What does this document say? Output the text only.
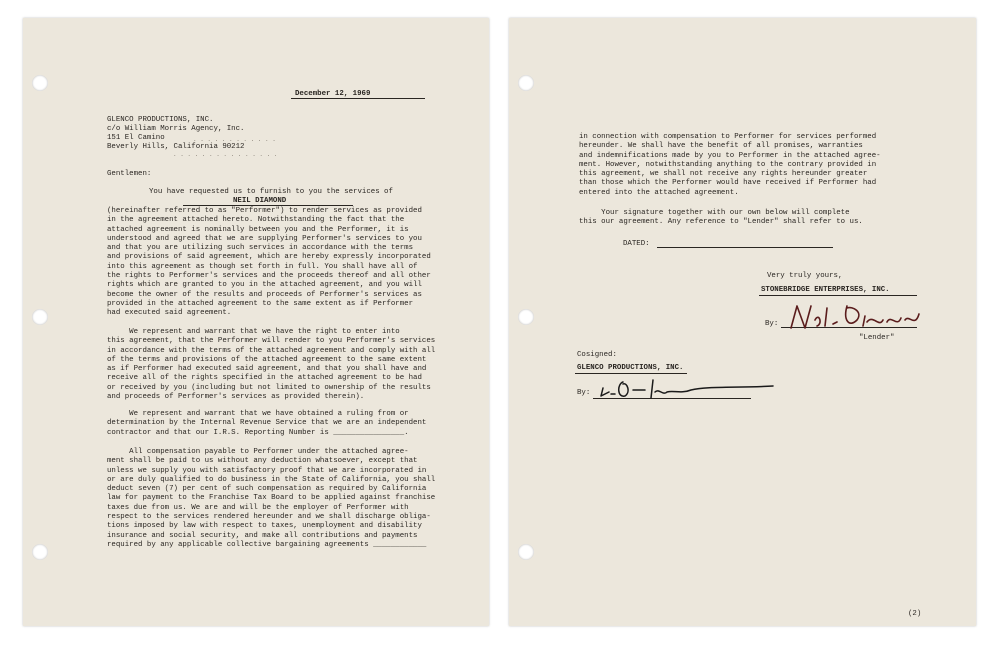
December 12, 1969
GLENCO PRODUCTIONS, INC.
c/o William Morris Agency, Inc.
151 El Camino
Beverly Hills, California 90212
. . . . . . . . . . . .
. . . . . . . . . . . . . . .
Gentlemen:
You have requested us to furnish to you the services of
NEIL DIAMOND
(hereinafter referred to as "Performer") to render services as provided
in the agreement attached hereto. Notwithstanding the fact that the
attached agreement is nominally between you and the Performer, it is
understood and agreed that we are supplying Performer's services to you
and that you are utilizing such services in accordance with the terms
and provisions of said agreement, which are hereby expressly incorporated
into this agreement as though set forth in full. You shall have all of
the rights to Performer's services and the proceeds thereof and all other
rights which are granted to you in the attached agreement, and you will
become the owner of the results and proceeds of Performer's services as
provided in the attached agreement to the same extent as if Performer
had executed said agreement.
We represent and warrant that we have the right to enter into
this agreement, that the Performer will render to you Performer's services
in accordance with the terms of the attached agreement and comply with all
of the terms and provisions of the attached agreement to the same extent
as if Performer had executed said agreement, and that you shall have and
receive all of the rights specified in the attached agreement to be had
or received by you (including but not limited to ownership of the results
and proceeds of Performer's services as provided therein).
We represent and warrant that we have obtained a ruling from or
determination by the Internal Revenue Service that we are an independent
contractor and that our I.R.S. Reporting Number is ________________.
All compensation payable to Performer under the attached agree-
ment shall be paid to us without any deduction whatsoever, except that
unless we supply you with satisfactory proof that we are incorporated in
or are duly qualified to do business in the State of California, you shall
deduct seven (7) per cent of such compensation as required by California
law for payment to the Franchise Tax Board to be applied against franchise
taxes due from us. We are and will be the employer of Performer with
respect to the services rendered hereunder and we shall discharge obliga-
tions imposed by law with respect to taxes, unemployment and disability
insurance and social security, and make all contributions and payments
required by any applicable collective bargaining agreements ____________
in connection with compensation to Performer for services performed
hereunder. We shall have the benefit of all promises, warranties
and indemnifications made by you to Performer in the attached agree-
ment. However, notwithstanding anything to the contrary provided in
this agreement, we shall not receive any rights hereunder greater
than those which the Performer would have received if Performer had
entered into the attached agreement.
Your signature together with our own below will complete
this our agreement. Any reference to "Lender" shall refer to us.
DATED:
Very truly yours,
STONEBRIDGE ENTERPRISES, INC.
By:
"Lender"
Cosigned:
GLENCO PRODUCTIONS, INC.
By:
(2)
